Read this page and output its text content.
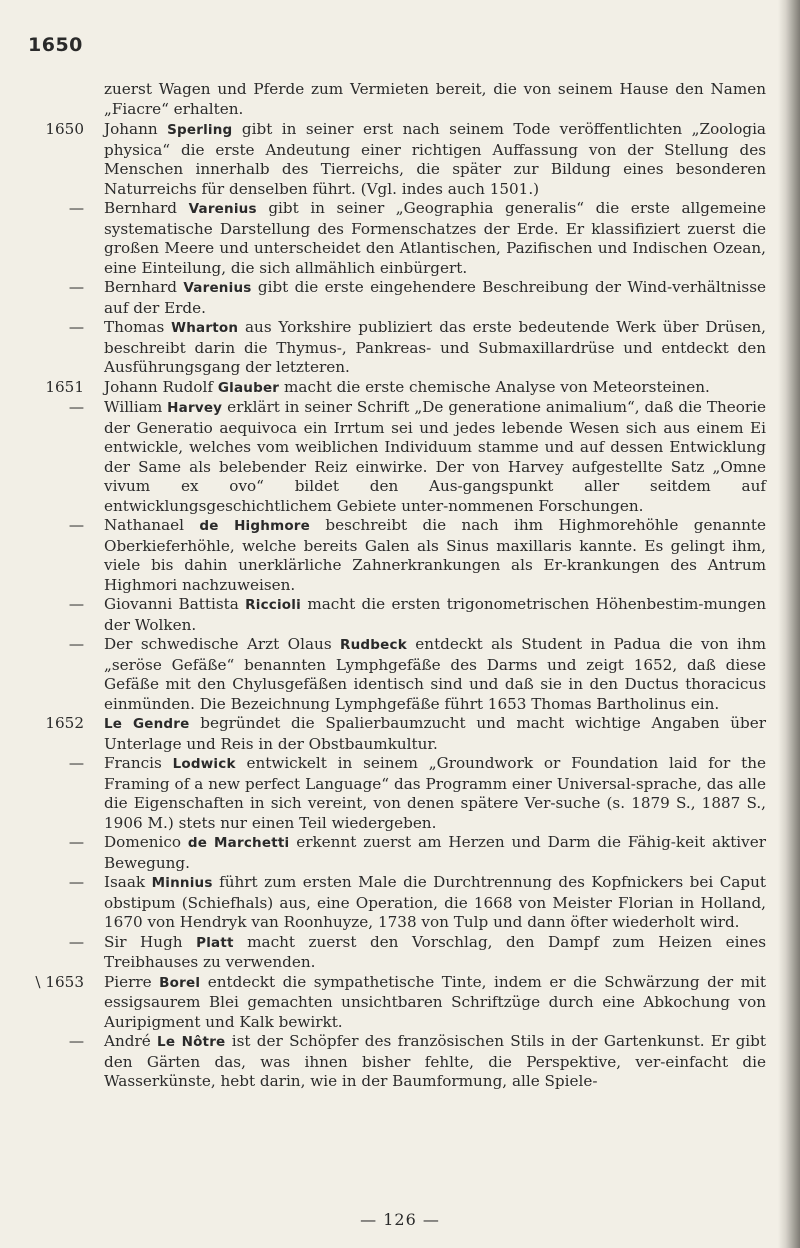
1650
zuerst Wagen und Pferde zum Vermieten bereit, die von seinem Hause den Namen „Fiacre“ erhalten.
1650	Johann Sperling gibt in seiner erst nach seinem Tode veröffentlichten „Zoologia physica“ die erste Andeutung einer richtigen Auffassung von der Stellung des Menschen innerhalb des Tierreichs, die später zur Bildung eines besonderen Naturreichs für denselben führt. (Vgl. indes auch 1501.)
—	Bernhard Varenius gibt in seiner „Geographia generalis“ die erste allgemeine systematische Darstellung des Formenschatzes der Erde. Er klassifiziert zuerst die großen Meere und unterscheidet den Atlantischen, Pazifischen und Indischen Ozean, eine Einteilung, die sich allmählich einbürgert.
—	Bernhard Varenius gibt die erste eingehendere Beschreibung der Wind-verhältnisse auf der Erde.
—	Thomas Wharton aus Yorkshire publiziert das erste bedeutende Werk über Drüsen, beschreibt darin die Thymus-, Pankreas- und Submaxillardrüse und entdeckt den Ausführungsgang der letzteren.
1651	Johann Rudolf Glauber macht die erste chemische Analyse von Meteorsteinen.
—	William Harvey erklärt in seiner Schrift „De generatione animalium“, daß die Theorie der Generatio aequivoca ein Irrtum sei und jedes lebende Wesen sich aus einem Ei entwickle, welches vom weiblichen Individuum stamme und auf dessen Entwicklung der Same als belebender Reiz einwirke. Der von Harvey aufgestellte Satz „Omne vivum ex ovo“ bildet den Aus-gangspunkt aller seitdem auf entwicklungsgeschichtlichem Gebiete unter-nommenen Forschungen.
—	Nathanael de Highmore beschreibt die nach ihm Highmorehöhle genannte Oberkieferhöhle, welche bereits Galen als Sinus maxillaris kannte. Es gelingt ihm, viele bis dahin unerklärliche Zahnerkrankungen als Er-krankungen des Antrum Highmori nachzuweisen.
—	Giovanni Battista Riccioli macht die ersten trigonometrischen Höhenbestim-mungen der Wolken.
—	Der schwedische Arzt Olaus Rudbeck entdeckt als Student in Padua die von ihm „seröse Gefäße“ benannten Lymphgefäße des Darms und zeigt 1652, daß diese Gefäße mit den Chylusgefäßen identisch sind und daß sie in den Ductus thoracicus einmünden. Die Bezeichnung Lymphgefäße führt 1653 Thomas Bartholinus ein.
1652	Le Gendre begründet die Spalierbaumzucht und macht wichtige Angaben über Unterlage und Reis in der Obstbaumkultur.
—	Francis Lodwick entwickelt in seinem „Groundwork or Foundation laid for the Framing of a new perfect Language“ das Programm einer Universal-sprache, das alle die Eigenschaften in sich vereint, von denen spätere Ver-suche (s. 1879 S., 1887 S., 1906 M.) stets nur einen Teil wiedergeben.
—	Domenico de Marchetti erkennt zuerst am Herzen und Darm die Fähig-keit aktiver Bewegung.
—	Isaak Minnius führt zum ersten Male die Durchtrennung des Kopfnickers bei Caput obstipum (Schiefhals) aus, eine Operation, die 1668 von Meister Florian in Holland, 1670 von Hendryk van Roonhuyze, 1738 von Tulp und dann öfter wiederholt wird.
—	Sir Hugh Platt macht zuerst den Vorschlag, den Dampf zum Heizen eines Treibhauses zu verwenden.
\ 1653	Pierre Borel entdeckt die sympathetische Tinte, indem er die Schwärzung der mit essigsaurem Blei gemachten unsichtbaren Schriftzüge durch eine Abkochung von Auripigment und Kalk bewirkt.
—	André Le Nôtre ist der Schöpfer des französischen Stils in der Gartenkunst. Er gibt den Gärten das, was ihnen bisher fehlte, die Perspektive, ver-einfacht die Wasserkünste, hebt darin, wie in der Baumformung, alle Spiele-
— 126 —
